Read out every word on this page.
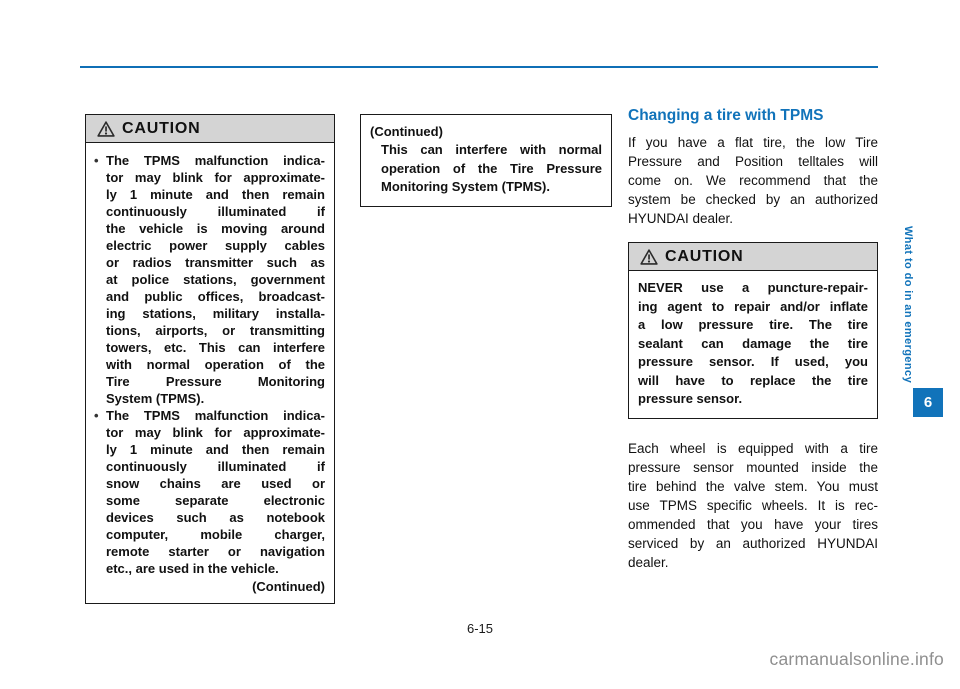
CAUTION
• The TPMS malfunction indica-
tor may blink for approximate-
ly 1 minute and then remain
continuously illuminated if
the vehicle is moving around
electric power supply cables
or radios transmitter such as
at police stations, government
and public offices, broadcast-
ing stations, military installa-
tions, airports, or transmitting
towers, etc. This can interfere
with normal operation of the
Tire Pressure Monitoring
System (TPMS).
• The TPMS malfunction indica-
tor may blink for approximate-
ly 1 minute and then remain
continuously illuminated if
snow chains are used or
some separate electronic
devices such as notebook
computer, mobile charger,
remote starter or navigation
etc., are used in the vehicle.
(Continued)
(Continued)
This can interfere with normal
operation of the Tire Pressure
Monitoring System (TPMS).
Changing a tire with TPMS
If you have a flat tire, the low Tire
Pressure and Position telltales will
come on. We recommend that the
system be checked by an authorized
HYUNDAI dealer.
CAUTION
NEVER use a puncture-repair-
ing agent to repair and/or inflate
a low pressure tire. The tire
sealant can damage the tire
pressure sensor. If used, you
will have to replace the tire
pressure sensor.
Each wheel is equipped with a tire
pressure sensor mounted inside the
tire behind the valve stem. You must
use TPMS specific wheels. It is rec-
ommended that you have your tires
serviced by an authorized HYUNDAI
dealer.
What to do in an emergency
6
6-15
carmanualsonline.info
